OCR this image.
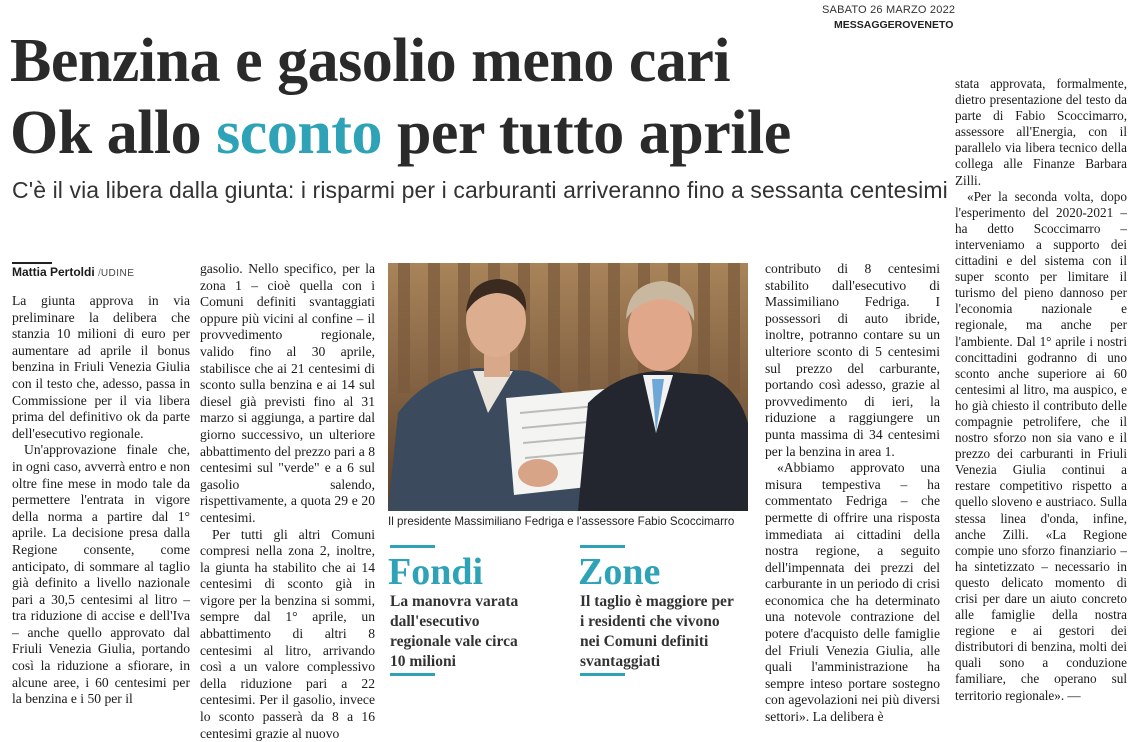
SABATO 26 MARZO 2022
MESSAGGEROVENETO
Benzina e gasolio meno cari
Ok allo sconto per tutto aprile
C'è il via libera dalla giunta: i risparmi per i carburanti arriveranno fino a sessanta centesimi
Mattia Pertoldi /UDINE

La giunta approva in via preliminare la delibera che stanzia 10 milioni di euro per aumentare ad aprile il bonus benzina in Friuli Venezia Giulia con il testo che, adesso, passa in Commissione per il via libera prima del definitivo ok da parte dell'esecutivo regionale.

Un'approvazione finale che, in ogni caso, avverrà entro e non oltre fine mese in modo tale da permettere l'entrata in vigore della norma a partire dal 1° aprile. La decisione presa dalla Regione consente, come anticipato, di sommare al taglio già definito a livello nazionale pari a 30,5 centesimi al litro – tra riduzione di accise e dell'Iva – anche quello approvato dal Friuli Venezia Giulia, portando così la riduzione a sfiorare, in alcune aree, i 60 centesimi per la benzina e i 50 per il

gasolio. Nello specifico, per la zona 1 – cioè quella con i Comuni definiti svantaggiati oppure più vicini al confine – il provvedimento regionale, valido fino al 30 aprile, stabilisce che ai 21 centesimi di sconto sulla benzina e ai 14 sul diesel già previsti fino al 31 marzo si aggiunga, a partire dal giorno successivo, un ulteriore abbattimento del prezzo pari a 8 centesimi sul "verde" e a 6 sul gasolio salendo, rispettivamente, a quota 29 e 20 centesimi.

Per tutti gli altri Comuni compresi nella zona 2, inoltre, la giunta ha stabilito che ai 14 centesimi di sconto già in vigore per la benzina si sommi, sempre dal 1° aprile, un abbattimento di altri 8 centesimi al litro, arrivando così a un valore complessivo della riduzione pari a 22 centesimi. Per il gasolio, invece lo sconto passerà da 8 a 16 centesimi grazie al nuovo

Il presidente Massimiliano Fedriga e l'assessore Fabio Scoccimarro
Fondi
La manovra varata dall'esecutivo regionale vale circa 10 milioni
Zone
Il taglio è maggiore per i residenti che vivono nei Comuni definiti svantaggiati

contributo di 8 centesimi stabilito dall'esecutivo di Massimiliano Fedriga. I possessori di auto ibride, inoltre, potranno contare su un ulteriore sconto di 5 centesimi sul prezzo del carburante, portando così adesso, grazie al provvedimento di ieri, la riduzione a raggiungere un punta massima di 34 centesimi per la benzina in area 1.

«Abbiamo approvato una misura tempestiva – ha commentato Fedriga – che permette di offrire una risposta immediata ai cittadini della nostra regione, a seguito dell'impennata dei prezzi del carburante in un periodo di crisi economica che ha determinato una notevole contrazione del potere d'acquisto delle famiglie del Friuli Venezia Giulia, alle quali l'amministrazione ha sempre inteso portare sostegno con agevolazioni nei più diversi settori». La delibera è

stata approvata, formalmente, dietro presentazione del testo da parte di Fabio Scoccimarro, assessore all'Energia, con il parallelo via libera tecnico della collega alle Finanze Barbara Zilli.

«Per la seconda volta, dopo l'esperimento del 2020-2021 – ha detto Scoccimarro – interveniamo a supporto dei cittadini e del sistema con il super sconto per limitare il turismo del pieno dannoso per l'economia nazionale e regionale, ma anche per l'ambiente. Dal 1° aprile i nostri concittadini godranno di uno sconto anche superiore ai 60 centesimi al litro, ma auspico, e ho già chiesto il contributo delle compagnie petrolifere, che il nostro sforzo non sia vano e il prezzo dei carburanti in Friuli Venezia Giulia continui a restare competitivo rispetto a quello sloveno e austriaco. Sulla stessa linea d'onda, infine, anche Zilli. «La Regione compie uno sforzo finanziario – ha sintetizzato – necessario in questo delicato momento di crisi per dare un aiuto concreto alle famiglie della nostra regione e ai gestori dei distributori di benzina, molti dei quali sono a conduzione familiare, che operano sul territorio regionale». —
